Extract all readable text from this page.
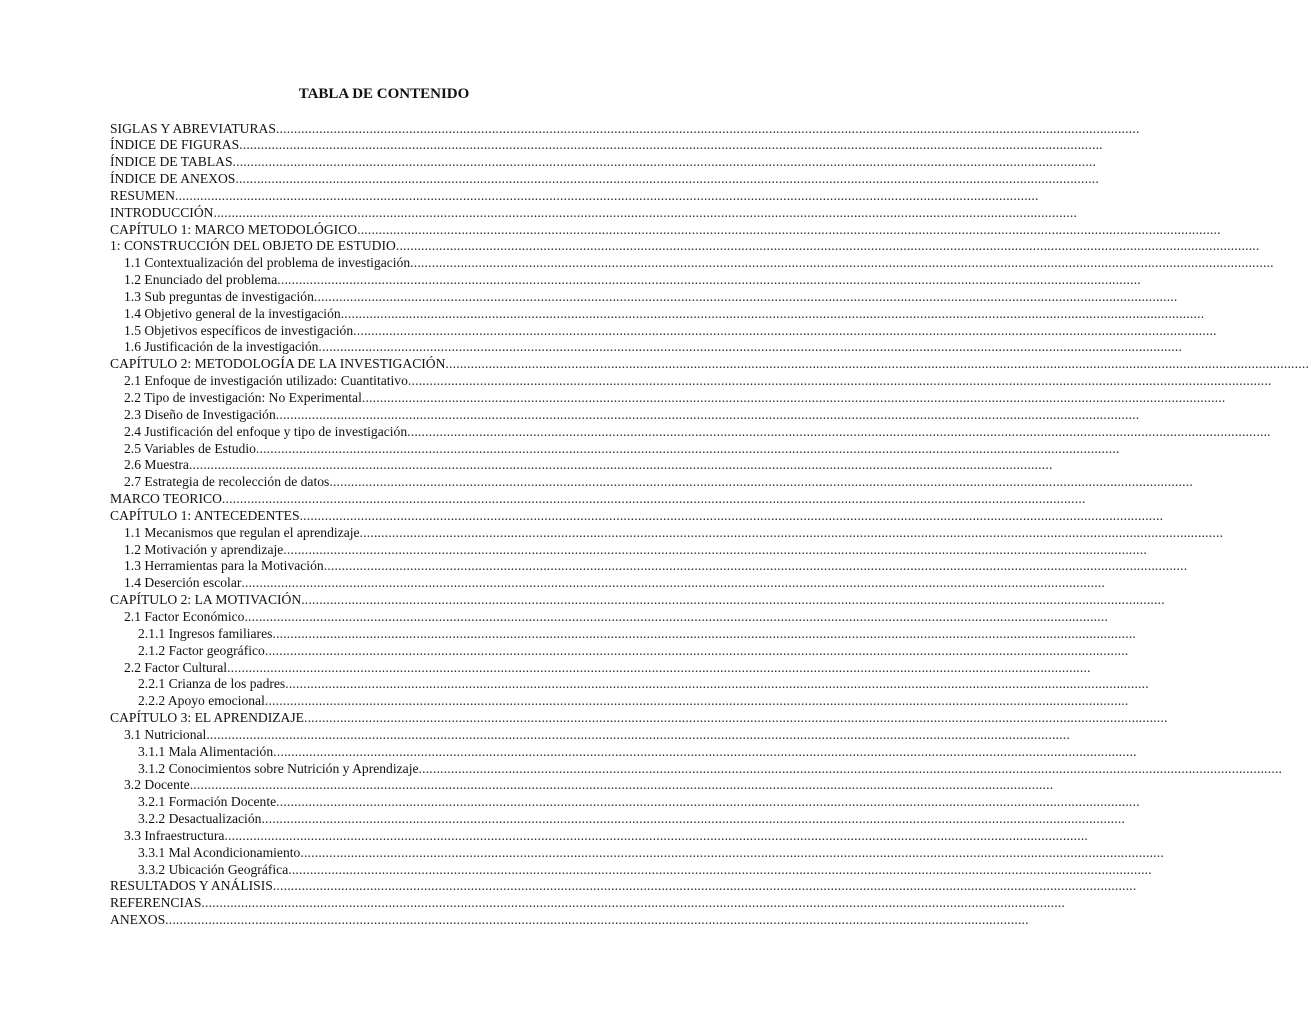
TABLA DE CONTENIDO
SIGLAS Y ABREVIATURAS ................................................................................................................................................................................................................................................
ÍNDICE DE FIGURAS ................................................................................................................................................................................................................................................
ÍNDICE DE TABLAS ................................................................................................................................................................................................................................................
ÍNDICE DE ANEXOS ................................................................................................................................................................................................................................................
RESUMEN ................................................................................................................................................................................................................................................
INTRODUCCIÓN ................................................................................................................................................................................................................................................
CAPÍTULO 1: MARCO METODOLÓGICO ................................................................................................................................................................................................................................................
1: CONSTRUCCIÓN DEL OBJETO DE ESTUDIO ................................................................................................................................................................................................................................................
1.1 Contextualización del problema de investigación ................................................................................................................................................................................................................................................
1.2 Enunciado del problema ................................................................................................................................................................................................................................................
1.3 Sub preguntas de investigación ................................................................................................................................................................................................................................................
1.4 Objetivo general de la investigación ................................................................................................................................................................................................................................................
1.5 Objetivos específicos de investigación ................................................................................................................................................................................................................................................
1.6 Justificación de la investigación ................................................................................................................................................................................................................................................
CAPÍTULO 2: METODOLOGÍA DE LA INVESTIGACIÓN ................................................................................................................................................................................................................................................
2.1 Enfoque de investigación utilizado: Cuantitativo ................................................................................................................................................................................................................................................
2.2 Tipo de investigación: No Experimental ................................................................................................................................................................................................................................................
2.3 Diseño de Investigación ................................................................................................................................................................................................................................................
2.4 Justificación del enfoque y tipo de investigación ................................................................................................................................................................................................................................................
2.5 Variables de Estudio ................................................................................................................................................................................................................................................
2.6 Muestra ................................................................................................................................................................................................................................................
2.7 Estrategia de recolección de datos ................................................................................................................................................................................................................................................
MARCO TEORICO ................................................................................................................................................................................................................................................
CAPÍTULO 1: ANTECEDENTES ................................................................................................................................................................................................................................................
1.1 Mecanismos que regulan el aprendizaje ................................................................................................................................................................................................................................................
1.2 Motivación y aprendizaje ................................................................................................................................................................................................................................................
1.3 Herramientas para la Motivación ................................................................................................................................................................................................................................................
1.4 Deserción escolar ................................................................................................................................................................................................................................................
CAPÍTULO 2: LA MOTIVACIÓN ................................................................................................................................................................................................................................................
2.1 Factor Económico ................................................................................................................................................................................................................................................
2.1.1 Ingresos familiares ................................................................................................................................................................................................................................................
2.1.2 Factor geográfico ................................................................................................................................................................................................................................................
2.2 Factor Cultural ................................................................................................................................................................................................................................................
2.2.1 Crianza de los padres ................................................................................................................................................................................................................................................
2.2.2 Apoyo emocional ................................................................................................................................................................................................................................................
CAPÍTULO 3: EL APRENDIZAJE ................................................................................................................................................................................................................................................
3.1 Nutricional ................................................................................................................................................................................................................................................
3.1.1 Mala Alimentación ................................................................................................................................................................................................................................................
3.1.2 Conocimientos sobre Nutrición y Aprendizaje ................................................................................................................................................................................................................................................
3.2 Docente ................................................................................................................................................................................................................................................
3.2.1 Formación Docente ................................................................................................................................................................................................................................................
3.2.2 Desactualización ................................................................................................................................................................................................................................................
3.3 Infraestructura ................................................................................................................................................................................................................................................
3.3.1 Mal Acondicionamiento ................................................................................................................................................................................................................................................
3.3.2 Ubicación Geográfica ................................................................................................................................................................................................................................................
RESULTADOS Y ANÁLISIS ................................................................................................................................................................................................................................................
REFERENCIAS ................................................................................................................................................................................................................................................
ANEXOS ................................................................................................................................................................................................................................................
